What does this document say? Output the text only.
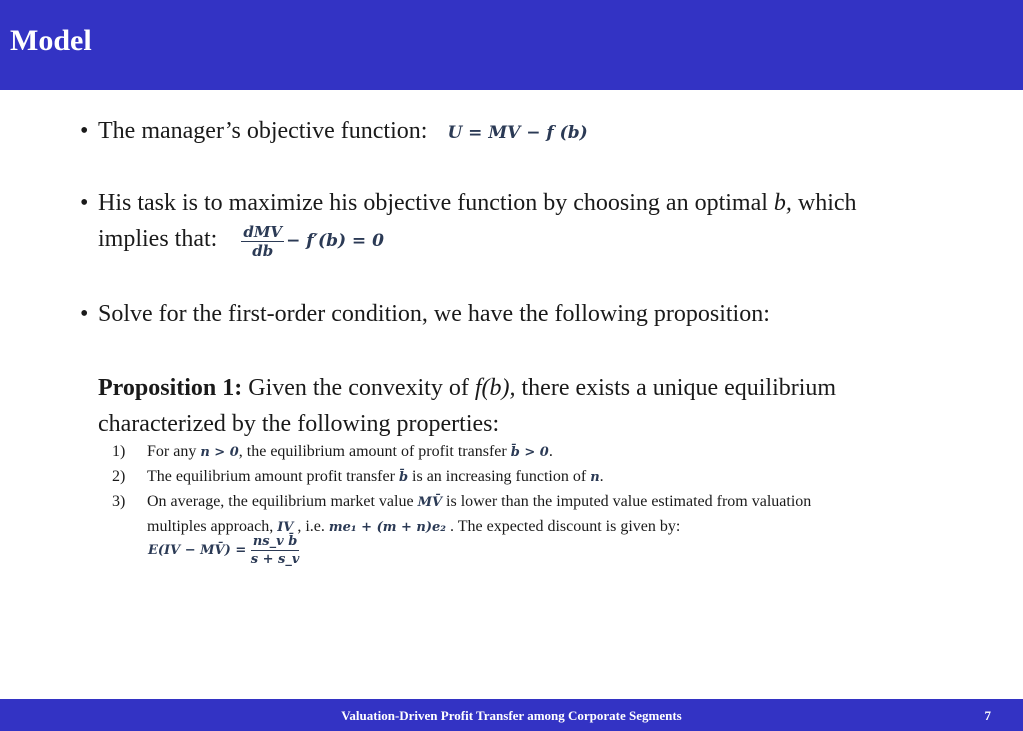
Model
• The manager’s objective function: U = MV − f (b)
• His task is to maximize his objective function by choosing an optimal b, which
implies that: $\frac{\text{dMV}}{db} - f'(b) = 0$
• Solve for the first-order condition, we have the following proposition:
Proposition 1: Given the convexity of f(b), there exists a unique equilibrium
characterized by the following properties:
1) For any n > 0, the equilibrium amount of profit transfer b̄ > 0.
2) The equilibrium amount profit transfer b̄ is an increasing function of n.
3) On average, the equilibrium market value MV̄ is lower than the imputed value estimated from valuation
multiples approach, IV , i.e. me₁ + (m + n)e₂ . The expected discount is given by:
E(IV − MV̄) = $\frac{\text{ns\_v b̄}}{s + s\_v}$
Valuation-Driven Profit Transfer among Corporate Segments	7
